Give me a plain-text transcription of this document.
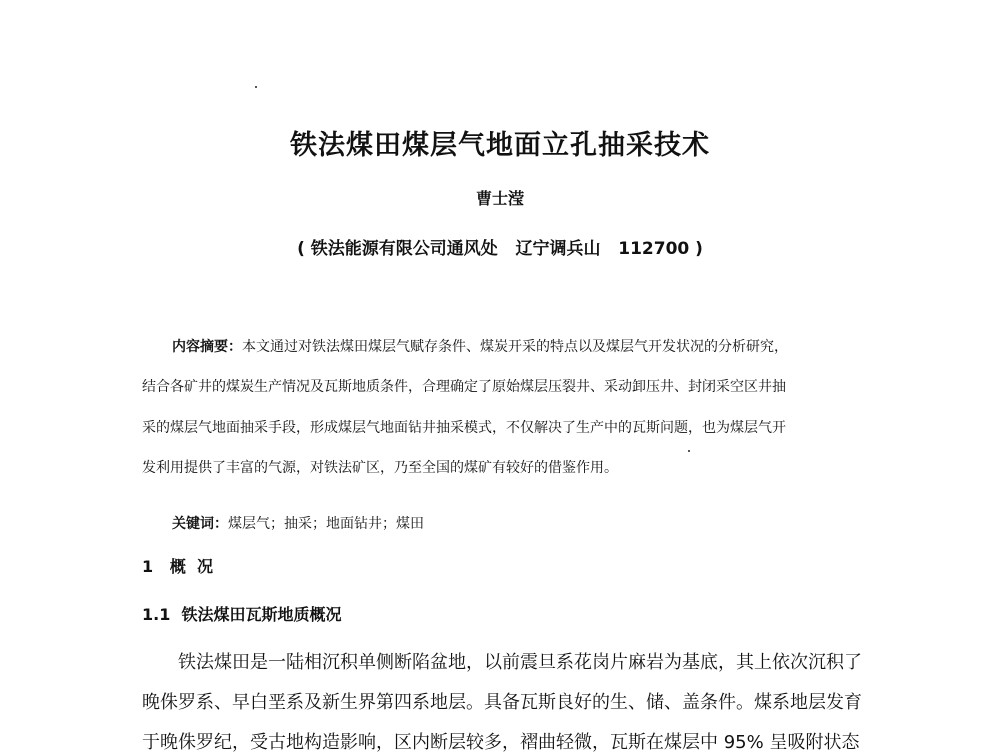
铁法煤田煤层气地面立孔抽采技术
曹士滢
( 铁法能源有限公司通风处   辽宁调兵山   112700 )
内容摘要：本文通过对铁法煤田煤层气赋存条件、煤炭开采的特点以及煤层气开发状况的分析研究，
结合各矿井的煤炭生产情况及瓦斯地质条件，合理确定了原始煤层压裂井、采动卸压井、封闭采空区井抽
采的煤层气地面抽采手段，形成煤层气地面钻井抽采模式，不仅解决了生产中的瓦斯问题，也为煤层气开
发利用提供了丰富的气源，对铁法矿区，乃至全国的煤矿有较好的借鉴作用。
关键词：煤层气；抽采；地面钻井；煤田
1   概  况
1.1  铁法煤田瓦斯地质概况
铁法煤田是一陆相沉积单侧断陷盆地，以前震旦系花岗片麻岩为基底，其上依次沉积了
晚侏罗系、早白垩系及新生界第四系地层。具备瓦斯良好的生、储、盖条件。煤系地层发育
于晚侏罗纪，受古地构造影响，区内断层较多，褶曲轻微，瓦斯在煤层中 95% 呈吸附状态
